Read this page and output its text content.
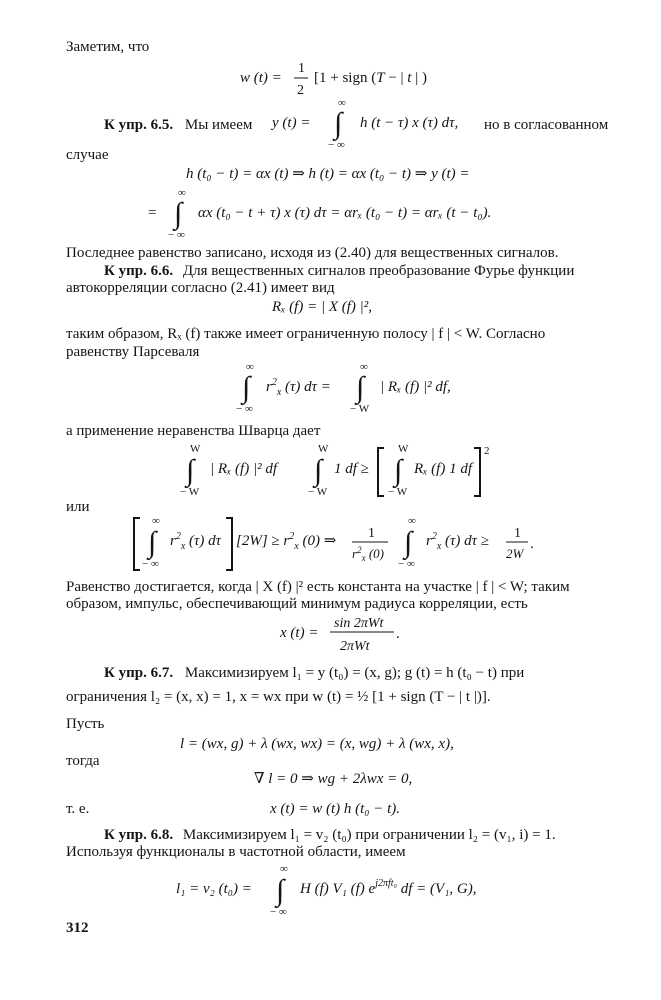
Заметим, что
w (t) =
1
2
[1 + sign (T − | t | )
К упр. 6.5. Мы имеем y (t) =
∞
∫
− ∞
h (t − τ) x (τ) dτ, но в согласованном
случае
h (t₀ − t) = αx (t) ⇒ h (t) = αx (t₀ − t) ⇒ y (t) =
=
∞
∫
− ∞
αx (t₀ − t + τ) x (τ) dτ = αrₓ (t₀ − t) = αrₓ (t − t₀).
Последнее равенство записано, исходя из (2.40) для вещественных сигналов.
К упр. 6.6. Для вещественных сигналов преобразование Фурье функции
автокорреляции согласно (2.41) имеет вид
Rₓ (f) = | X (f) |²,
таким образом, Rₓ (f) также имеет ограниченную полосу | f | < W. Согласно
равенству Парсеваля
∞
∫
− ∞
$r^2_x$ (τ) dτ =
∞
∫
− W
| Rₓ (f) |² df,
а применение неравенства Шварца дает
W
∫
− W
| Rₓ (f) |² df
W
∫
− W
1 df ≥
W
∫
− W
Rₓ (f) 1 df
2
или
∞
∫
− ∞
$r^2_x$ (τ) dτ $[2W] \ge r^2_x$ (0) ⇒ 1
$r^2_x$ (0)
∞
∫
− ∞
$r^2_x$ (τ) dτ ≥ 1
2W
.
Равенство достигается, когда | X (f) |² есть константа на участке | f | < W; таким
образом, импульс, обеспечивающий минимум радиуса корреляции, есть
x (t) =
sin 2πWt
2πWt
.
К упр. 6.7. Максимизируем l₁ = y (t₀) = (x, g); g (t) = h (t₀ − t) при
ограничения l₂ = (x, x) = 1, x = wx при w (t) = ½ [1 + sign (T − | t |)].
Пусть
l = (wx, g) + λ (wx, wx) = (x, wg) + λ (wx, x),
тогда
∇ l = 0 ⇒ wg + 2λwx = 0,
т. е.	x (t) = w (t) h (t₀ − t).
К упр. 6.8. Максимизируем l₁ = v₂ (t₀) при ограничении l₂ = (v₁, i) = 1.
Используя функционалы в частотной области, имеем
l₁ = v₂ (t₀) =
∞
∫
− ∞
H (f) V₁ (f) $e^{j2\pi ft_0}$ df = (V₁, G),
312
